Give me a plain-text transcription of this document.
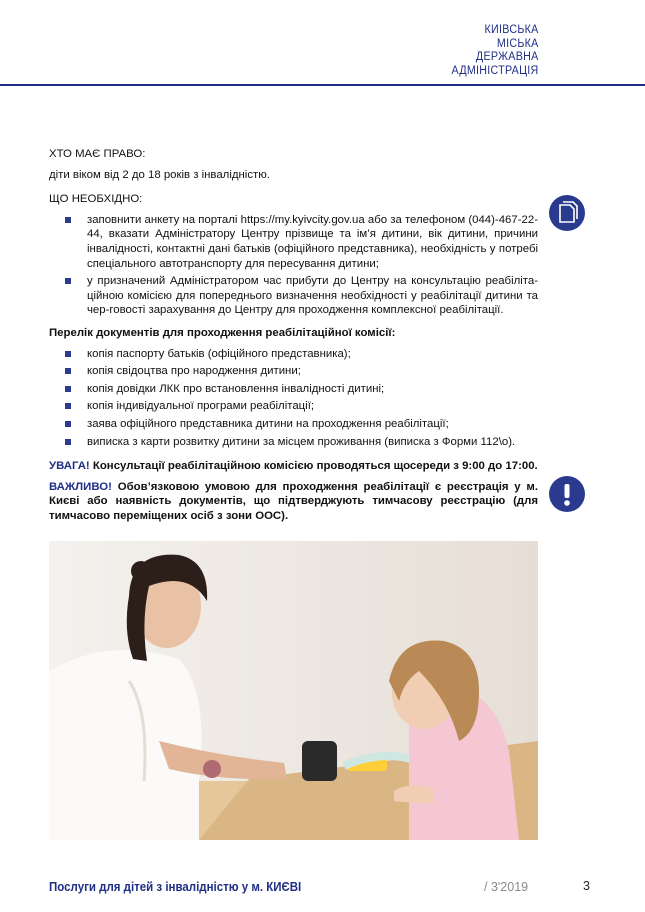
КИЇВСЬКА
МІСЬКА
ДЕРЖАВНА
АДМІНІСТРАЦІЯ
ХТО МАЄ ПРАВО:
діти віком від 2 до 18 років з інвалідністю.
ЩО НЕОБХІДНО:
заповнити анкету на порталі https://my.kyivcity.gov.ua або за телефоном (044)-467-22-44, вказати Адміністратору Центру прізвище та ім’я дитини, вік дитини, причини інвалідності, контактні дані батьків (офіційного представника), необхідність у потребі спеціального автотранспорту для пересування дитини;
у призначений Адміністратором час прибути до Центру на консультацію реабіліта-ційною комісією для попереднього визначення необхідності у реабілітації дитини та чер-говості зарахування до Центру для проходження комплексної реабілітації.
Перелік документів для проходження реабілітаційної комісії:
копія паспорту батьків (офіційного представника);
копія свідоцтва про народження дитини;
копія довідки ЛКК про встановлення інвалідності дитині;
копія індивідуальної програми реабілітації;
заява офіційного представника дитини на проходження реабілітації;
виписка з карти розвитку дитини за місцем проживання (виписка з Форми 112\о).
УВАГА! Консультації реабілітаційною комісією проводяться щосереди з 9:00 до 17:00.
ВАЖЛИВО! Обов’язковою умовою для проходження реабілітації є реєстрація у м. Києві або наявність документів, що підтверджують тимчасову реєстрацію (для тимчасово переміщених осіб з зони ООС).
Послуги для дітей з інвалідністю у м. КИЄВІ	/ 3'2019	3
